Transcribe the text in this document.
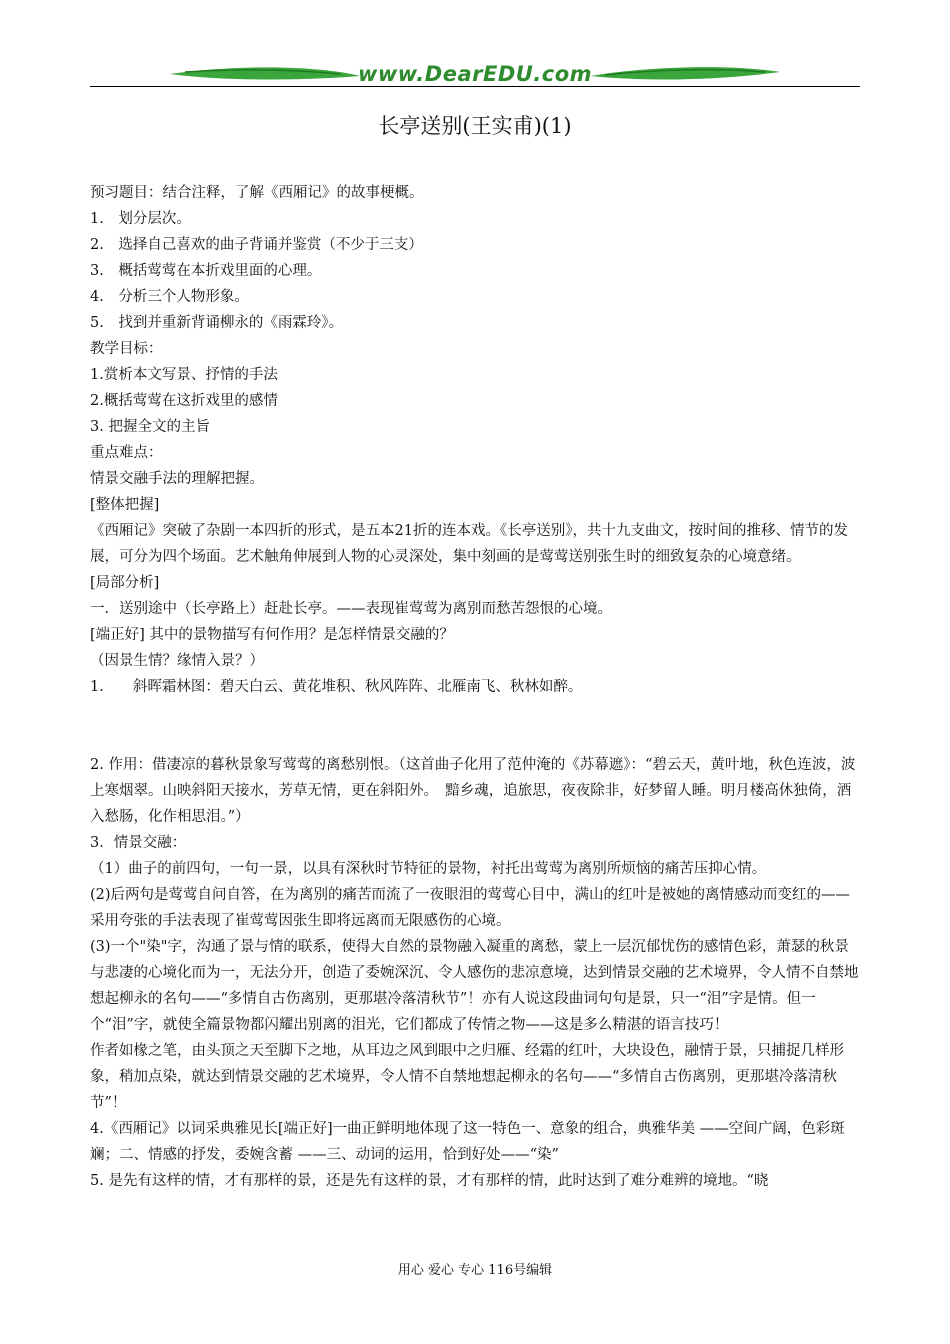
www.DearEDU.com
长亭送别(王实甫)(1)

预习题目：结合注释，了解《西厢记》的故事梗概。

1.　划分层次。

2.　选择自己喜欢的曲子背诵并鉴赏（不少于三支）

3.　概括莺莺在本折戏里面的心理。

4.　分析三个人物形象。

5.　找到并重新背诵柳永的《雨霖玲》。

教学目标：

1.赏析本文写景、抒情的手法

2.概括莺莺在这折戏里的感情

3. 把握全文的主旨

重点难点：

情景交融手法的理解把握。

[整体把握]

《西厢记》突破了杂剧一本四折的形式，是五本21折的连本戏。《长亭送别》，共十九支曲文，按时间的推移、情节的发展，可分为四个场面。艺术触角伸展到人物的心灵深处，集中刻画的是莺莺送别张生时的细致复杂的心境意绪。

[局部分析]

一．送别途中（长亭路上）赶赴长亭。——表现崔莺莺为离别而愁苦怨恨的心境。

[端正好] 其中的景物描写有何作用？是怎样情景交融的？

（因景生情？缘情入景？）

1.　　斜晖霜林图：碧天白云、黄花堆积、秋风阵阵、北雁南飞、秋林如醉。

2. 作用：借凄凉的暮秋景象写莺莺的离愁别恨。（这首曲子化用了范仲淹的《苏幕遮》：“碧云天，黄叶地，秋色连波，波上寒烟翠。山映斜阳天接水，芳草无情，更在斜阳外。　黯乡魂，追旅思，夜夜除非，好梦留人睡。明月楼高休独倚，酒入愁肠，化作相思泪。”）

3．情景交融：

（1）曲子的前四句，一句一景，以具有深秋时节特征的景物，衬托出莺莺为离别所烦恼的痛苦压抑心情。

(2)后两句是莺莺自问自答，在为离别的痛苦而流了一夜眼泪的莺莺心目中，满山的红叶是被她的离情感动而变红的——采用夸张的手法表现了崔莺莺因张生即将远离而无限感伤的心境。

(3)一个"染"字，沟通了景与情的联系，使得大自然的景物融入凝重的离愁，蒙上一层沉郁忧伤的感情色彩，萧瑟的秋景与悲凄的心境化而为一，无法分开，创造了委婉深沉、令人感伤的悲凉意境，达到情景交融的艺术境界，令人情不自禁地想起柳永的名句——“多情自古伤离别，更那堪冷落清秋节”！亦有人说这段曲词句句是景，只一“泪”字是情。但一个“泪”字，就使全篇景物都闪耀出别离的泪光，它们都成了传情之物——这是多么精湛的语言技巧！

作者如椽之笔，由头顶之天至脚下之地，从耳边之风到眼中之归雁、经霜的红叶，大块设色，融情于景，只捕捉几样形象，稍加点染，就达到情景交融的艺术境界，令人情不自禁地想起柳永的名句——“多情自古伤离别，更那堪冷落清秋节”！

4.《西厢记》以词采典雅见长[端正好]一曲正鲜明地体现了这一特色一、意象的组合，典雅华美 ——空间广阔，色彩斑斓；二、情感的抒发，委婉含蓄 ——三、动词的运用，恰到好处——“染”

5. 是先有这样的情，才有那样的景，还是先有这样的景，才有那样的情，此时达到了难分难辨的境地。“晓

用心 爱心 专心 116号编辑
